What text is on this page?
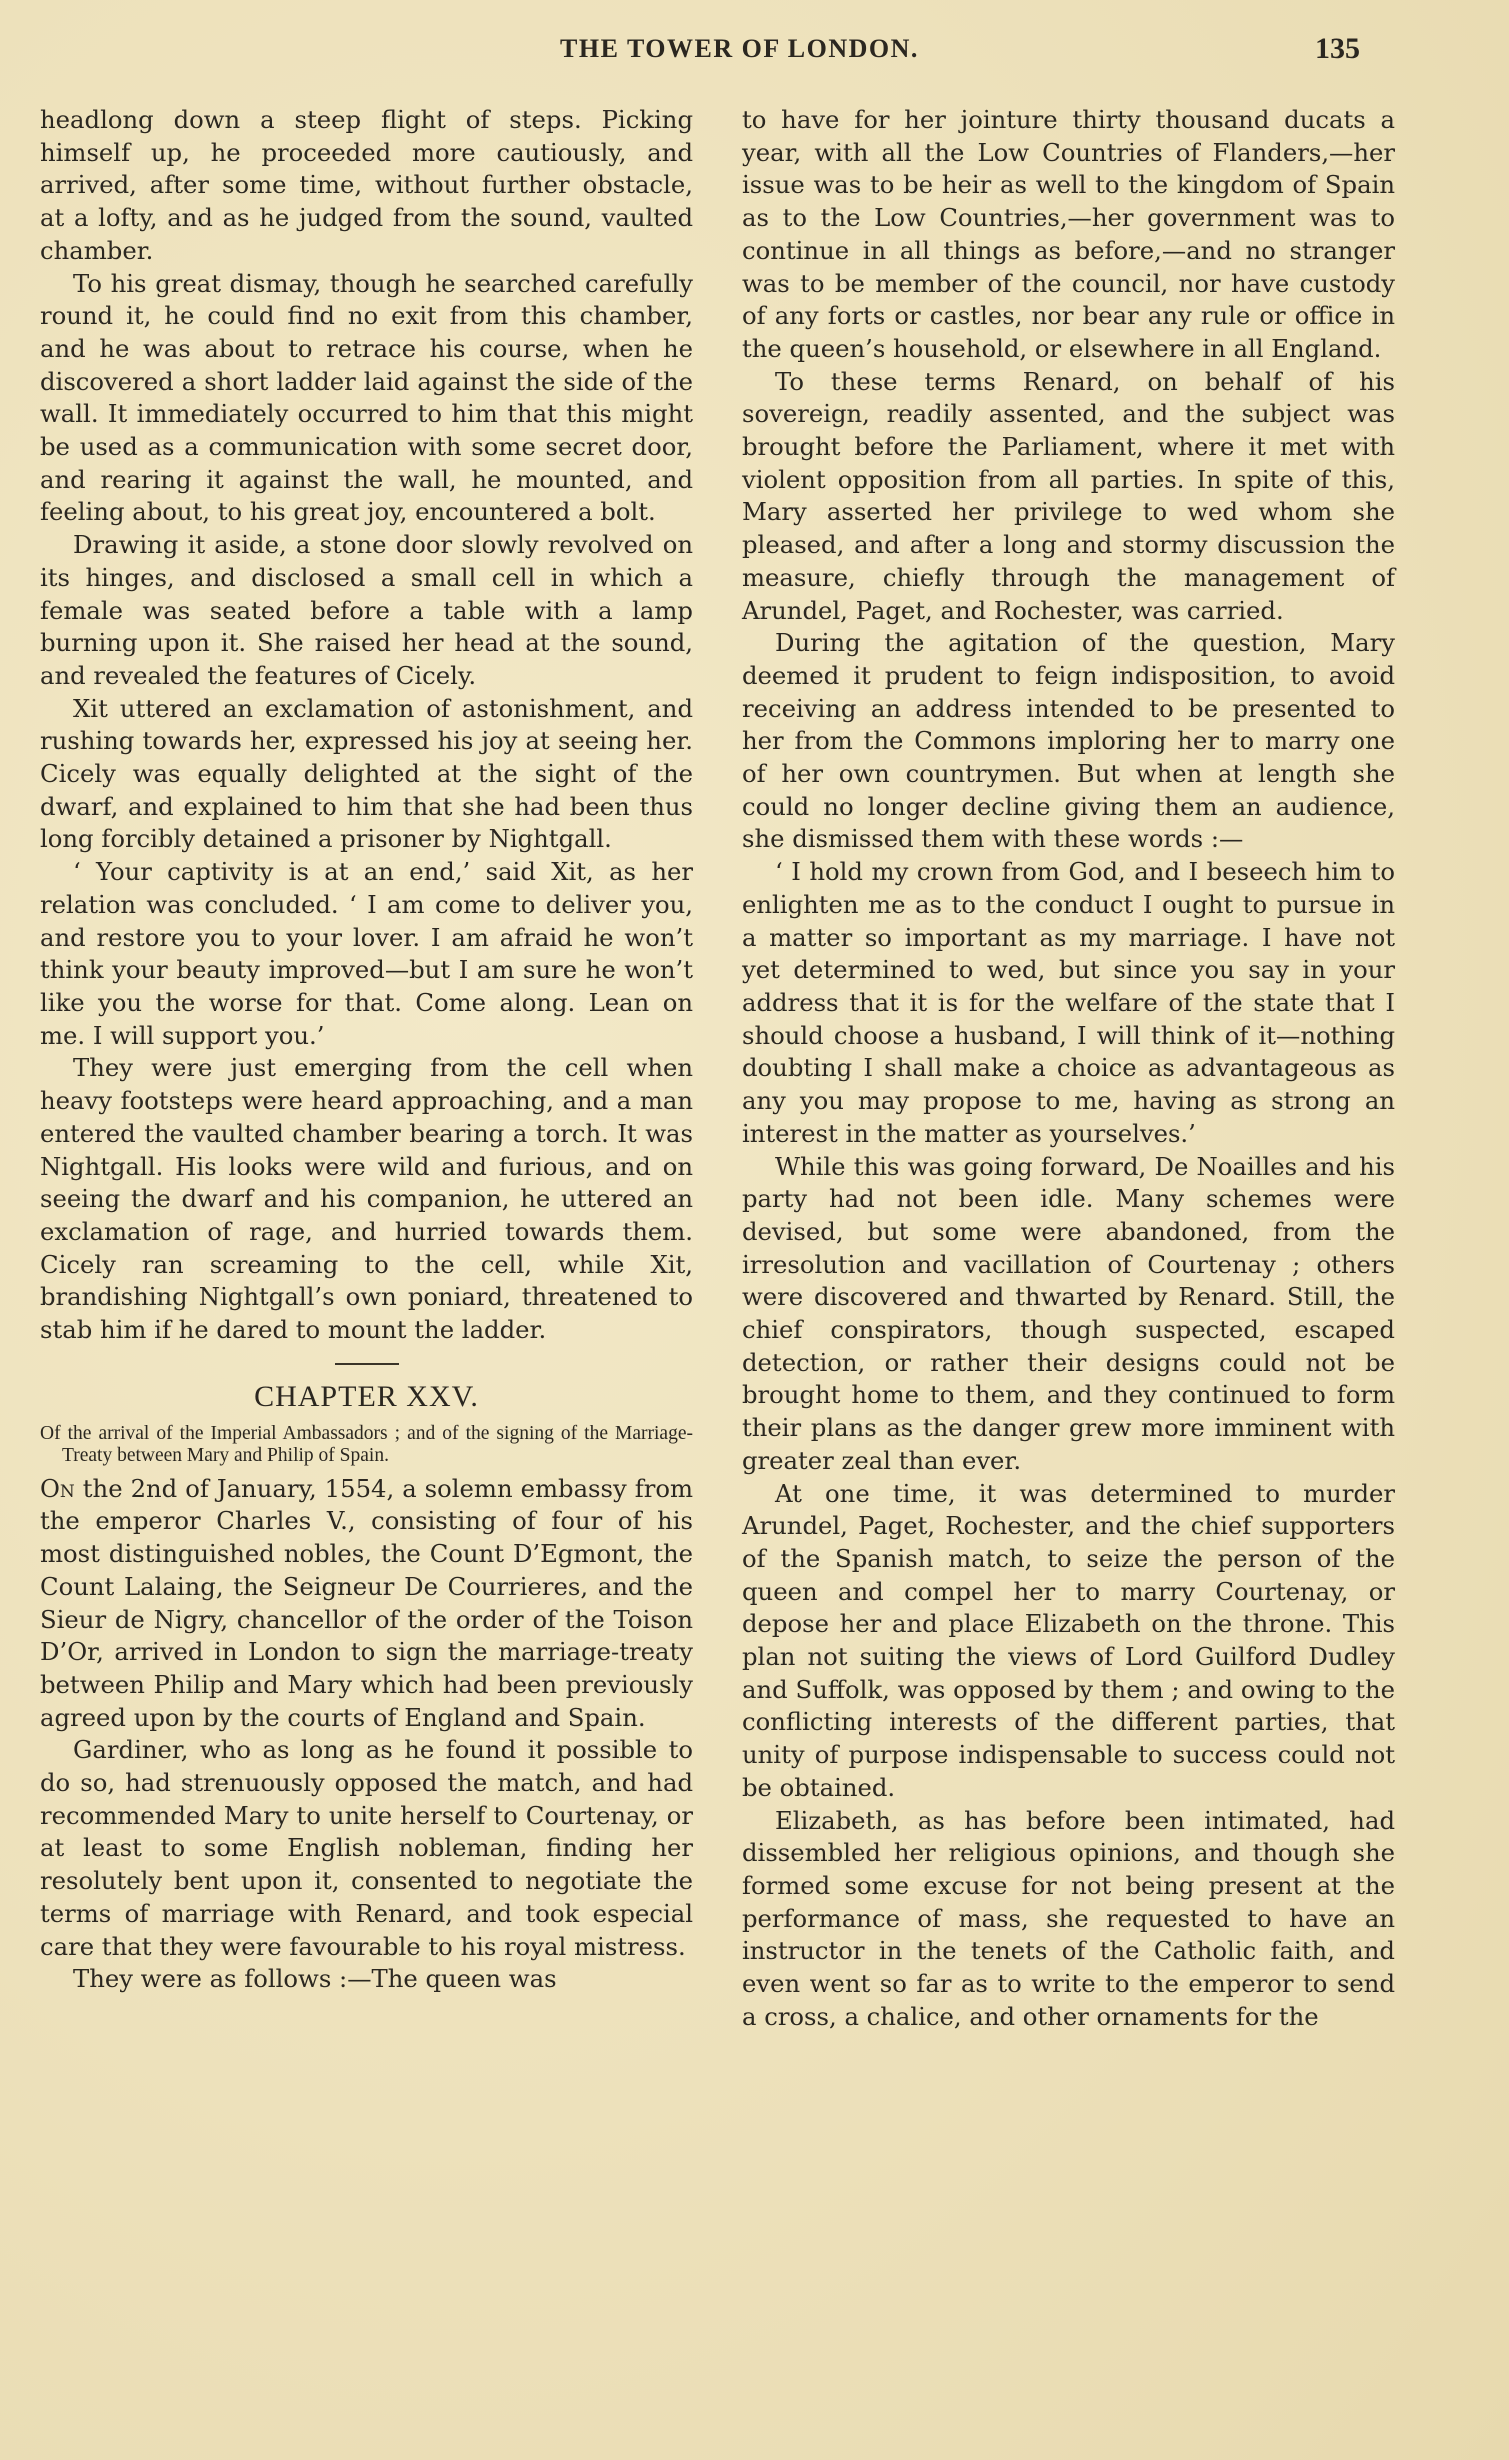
THE TOWER OF LONDON.	135

headlong down a steep flight of steps. Picking himself up, he proceeded more cautiously, and arrived, after some time, without further obstacle, at a lofty, and as he judged from the sound, vaulted chamber.

To his great dismay, though he searched carefully round it, he could find no exit from this chamber, and he was about to retrace his course, when he discovered a short ladder laid against the side of the wall. It immediately occurred to him that this might be used as a communication with some secret door, and rearing it against the wall, he mounted, and feeling about, to his great joy, encountered a bolt.

Drawing it aside, a stone door slowly revolved on its hinges, and disclosed a small cell in which a female was seated before a table with a lamp burning upon it. She raised her head at the sound, and revealed the features of Cicely.

Xit uttered an exclamation of astonishment, and rushing towards her, expressed his joy at seeing her. Cicely was equally delighted at the sight of the dwarf, and explained to him that she had been thus long forcibly detained a prisoner by Nightgall.

‘ Your captivity is at an end,’ said Xit, as her relation was concluded. ‘ I am come to deliver you, and restore you to your lover. I am afraid he won’t think your beauty improved—but I am sure he won’t like you the worse for that. Come along. Lean on me. I will support you.’

They were just emerging from the cell when heavy footsteps were heard approaching, and a man entered the vaulted chamber bearing a torch. It was Nightgall. His looks were wild and furious, and on seeing the dwarf and his companion, he uttered an exclamation of rage, and hurried towards them. Cicely ran screaming to the cell, while Xit, brandishing Nightgall’s own poniard, threatened to stab him if he dared to mount the ladder.

CHAPTER XXV.
Of the arrival of the Imperial Ambassadors ; and of the signing of the Marriage-Treaty between Mary and Philip of Spain.

On the 2nd of January, 1554, a solemn embassy from the emperor Charles V., consisting of four of his most distinguished nobles, the Count D’Egmont, the Count Lalaing, the Seigneur De Courrieres, and the Sieur de Nigry, chancellor of the order of the Toison D’Or, arrived in London to sign the marriage-treaty between Philip and Mary which had been previously agreed upon by the courts of England and Spain.

Gardiner, who as long as he found it possible to do so, had strenuously opposed the match, and had recommended Mary to unite herself to Courtenay, or at least to some English nobleman, finding her resolutely bent upon it, consented to negotiate the terms of marriage with Renard, and took especial care that they were favourable to his royal mistress.

They were as follows :—The queen was

to have for her jointure thirty thousand ducats a year, with all the Low Countries of Flanders,—her issue was to be heir as well to the kingdom of Spain as to the Low Countries,—her government was to continue in all things as before,—and no stranger was to be member of the council, nor have custody of any forts or castles, nor bear any rule or office in the queen’s household, or elsewhere in all England.

To these terms Renard, on behalf of his sovereign, readily assented, and the subject was brought before the Parliament, where it met with violent opposition from all parties. In spite of this, Mary asserted her privilege to wed whom she pleased, and after a long and stormy discussion the measure, chiefly through the management of Arundel, Paget, and Rochester, was carried.

During the agitation of the question, Mary deemed it prudent to feign indisposition, to avoid receiving an address intended to be presented to her from the Commons imploring her to marry one of her own countrymen. But when at length she could no longer decline giving them an audience, she dismissed them with these words :—

‘ I hold my crown from God, and I beseech him to enlighten me as to the conduct I ought to pursue in a matter so important as my marriage. I have not yet determined to wed, but since you say in your address that it is for the welfare of the state that I should choose a husband, I will think of it—nothing doubting I shall make a choice as advantageous as any you may propose to me, having as strong an interest in the matter as yourselves.’

While this was going forward, De Noailles and his party had not been idle. Many schemes were devised, but some were abandoned, from the irresolution and vacillation of Courtenay ; others were discovered and thwarted by Renard. Still, the chief conspirators, though suspected, escaped detection, or rather their designs could not be brought home to them, and they continued to form their plans as the danger grew more imminent with greater zeal than ever.

At one time, it was determined to murder Arundel, Paget, Rochester, and the chief supporters of the Spanish match, to seize the person of the queen and compel her to marry Courtenay, or depose her and place Elizabeth on the throne. This plan not suiting the views of Lord Guilford Dudley and Suffolk, was opposed by them ; and owing to the conflicting interests of the different parties, that unity of purpose indispensable to success could not be obtained.

Elizabeth, as has before been intimated, had dissembled her religious opinions, and though she formed some excuse for not being present at the performance of mass, she requested to have an instructor in the tenets of the Catholic faith, and even went so far as to write to the emperor to send a cross, a chalice, and other ornaments for the
